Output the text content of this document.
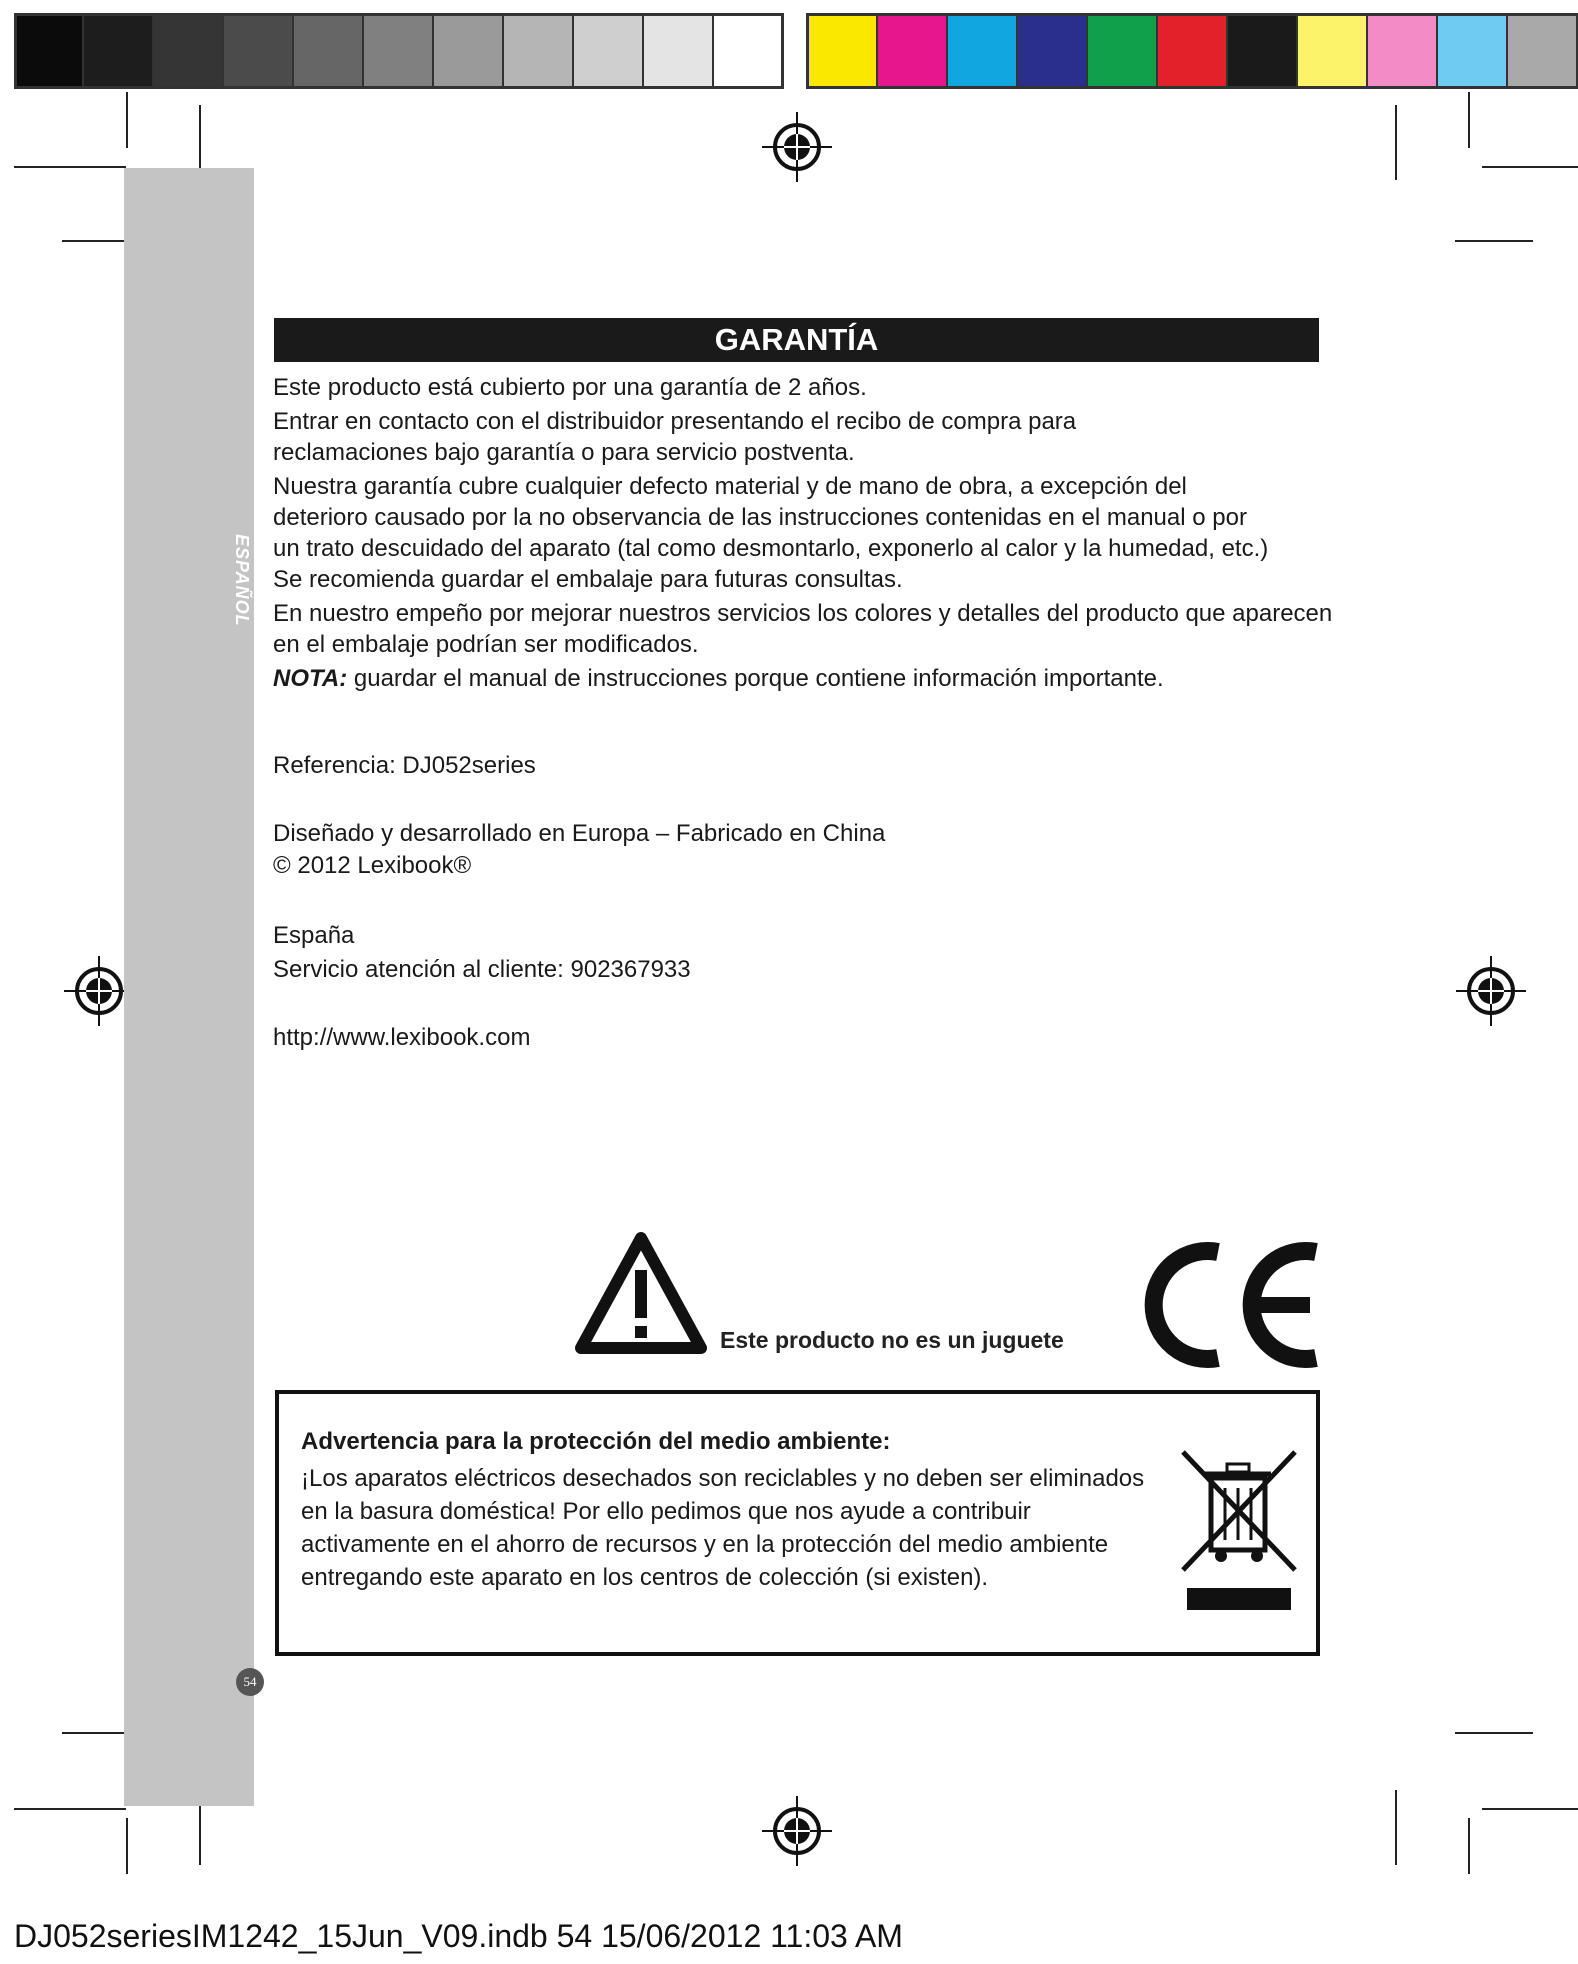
ESPAÑOL
GARANTÍA

Este producto está cubierto por una garantía de 2 años.

Entrar en contacto con el distribuidor presentando el recibo de compra para reclamaciones bajo garantía o para servicio postventa.

Nuestra garantía cubre cualquier defecto material y de mano de obra, a excepción del deterioro causado por la no observancia de las instrucciones contenidas en el manual o por un trato descuidado del aparato (tal como desmontarlo, exponerlo al calor y la humedad, etc.) Se recomienda guardar el embalaje para futuras consultas.

En nuestro empeño por mejorar nuestros servicios los colores y detalles del producto que aparecen en el embalaje podrían ser modificados.

NOTA: guardar el manual de instrucciones porque contiene información importante.

Referencia: DJ052series
Diseñado y desarrollado en Europa – Fabricado en China
© 2012 Lexibook®
España
Servicio atención al cliente: 902367933
http://www.lexibook.com
Este producto no es un juguete
Advertencia para la protección del medio ambiente:
¡Los aparatos eléctricos desechados son reciclables y no deben ser eliminados en la basura doméstica! Por ello pedimos que nos ayude a contribuir activamente en el ahorro de recursos y en la protección del medio ambiente entregando este aparato en los centros de colección (si existen).
54
DJ052seriesIM1242_15Jun_V09.indb 54 15/06/2012 11:03 AM
